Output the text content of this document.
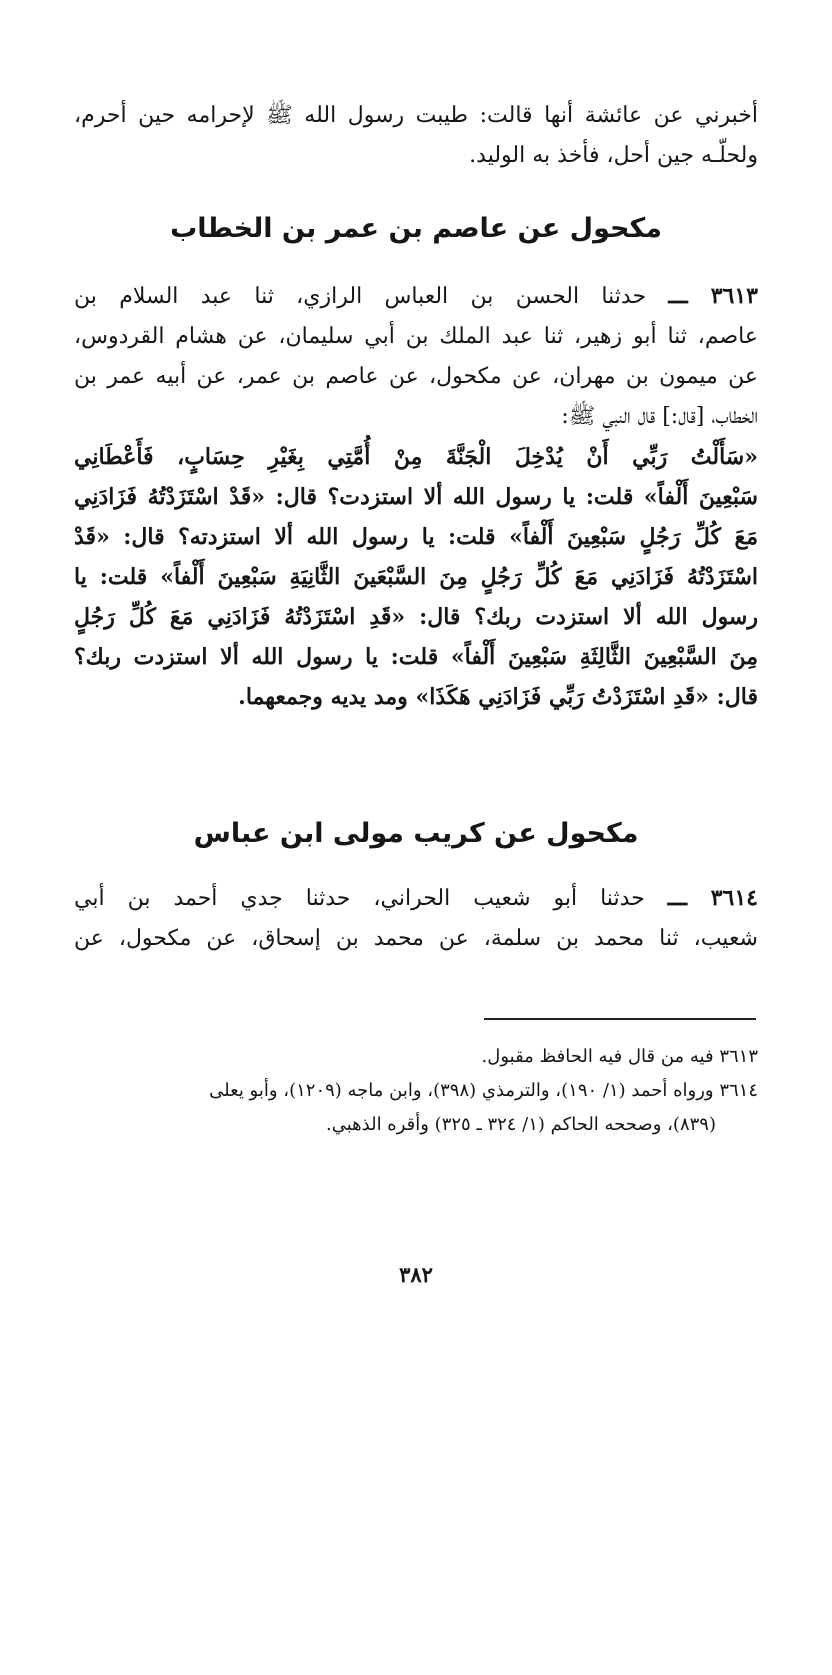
أخبرني عن عائشة أنها قالت: طيبت رسول الله ﷺ لإحرامه حين أحرم،
ولحلّـه جين أحل، فأخذ به الوليد.
مكحول عن عاصم بن عمر بن الخطاب
٣٦١٣ ـــ حدثنا الحسن بن العباس الرازي، ثنا عبد السلام بن
عاصم، ثنا أبو زهير، ثنا عبد الملك بن أبي سليمان، عن هشام القردوس،
عن ميمون بن مهران، عن مكحول، عن عاصم بن عمر، عن أبيه عمر بن
الخطاب، [قال:] قال النبي ﷺ:
«سَأَلْتُ رَبِّي أَنْ يُدْخِلَ الْجَنَّةَ مِنْ أُمَّتِي بِغَيْرِ حِسَابٍ، فَأَعْطَانِي
سَبْعِينَ أَلْفاً» قلت: يا رسول الله ألا استزدت؟ قال: «قَدْ اسْتَزَدْتُهُ فَزَادَنِي
مَعَ كُلِّ رَجُلٍ سَبْعِينَ أَلْفاً» قلت: يا رسول الله ألا استزدته؟ قال: «قَدْ
اسْتَزَدْتُهُ فَزَادَنِي مَعَ كُلِّ رَجُلٍ مِنَ السَّبْعَينَ الثَّانِيَةِ سَبْعِينَ أَلْفاً» قلت: يا
رسول الله ألا استزدت ربك؟ قال: «قَدِ اسْتَزَدْتُهُ فَزَادَنِي مَعَ كُلِّ رَجُلٍ
مِنَ السَّبْعِينَ الثَّالِثَةِ سَبْعِينَ أَلْفاً» قلت: يا رسول الله ألا استزدت ربك؟
قال: «قَدِ اسْتَزَدْتُ رَبِّي فَزَادَنِي هَكَذَا» ومد يديه وجمعهما.
مكحول عن كريب مولى ابن عباس
٣٦١٤ ـــ حدثنا أبو شعيب الحراني، حدثنا جدي أحمد بن أبي
شعيب، ثنا محمد بن سلمة، عن محمد بن إسحاق، عن مكحول، عن
٣٦١٣ فيه من قال فيه الحافظ مقبول.
٣٦١٤ ورواه أحمد (١/ ١٩٠)، والترمذي (٣٩٨)، وابن ماجه (١٢٠٩)، وأبو يعلى
(٨٣٩)، وصححه الحاكم (١/ ٣٢٤ ـ ٣٢٥) وأقره الذهبي.
٣٨٢
